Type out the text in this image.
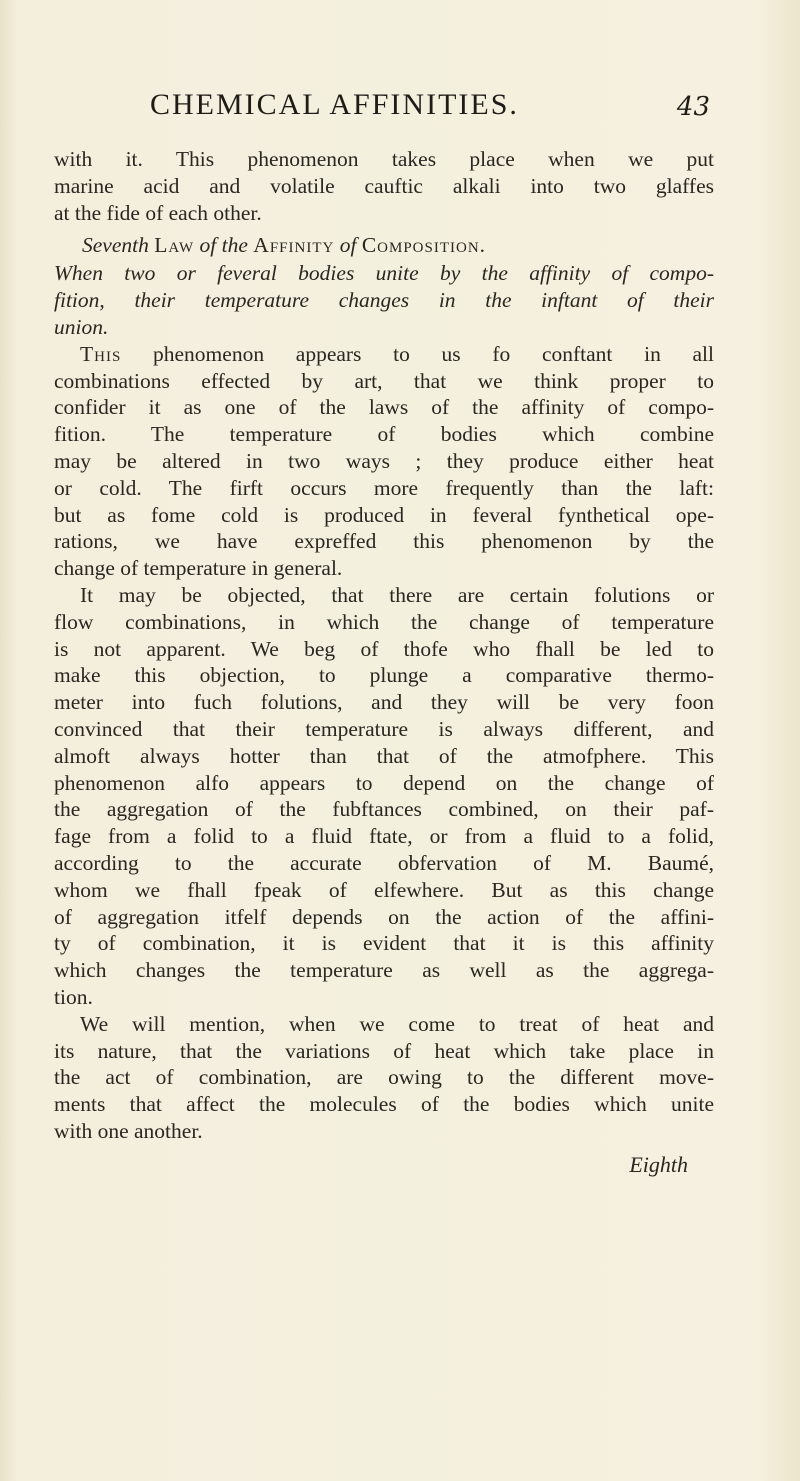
CHEMICAL AFFINITIES.	43
with it. This phenomenon takes place when we put
marine acid and volatile cauftic alkali into two glaffes
at the fide of each other.
Seventh Law of the Affinity of Composition.
When two or feveral bodies unite by the affinity of compo-
fition, their temperature changes in the inftant of their
union.
This phenomenon appears to us fo conftant in all
combinations effected by art, that we think proper to
confider it as one of the laws of the affinity of compo-
fition. The temperature of bodies which combine
may be altered in two ways ; they produce either heat
or cold. The firft occurs more frequently than the laft:
but as fome cold is produced in feveral fynthetical ope-
rations, we have expreffed this phenomenon by the
change of temperature in general.
It may be objected, that there are certain folutions or
flow combinations, in which the change of temperature
is not apparent. We beg of thofe who fhall be led to
make this objection, to plunge a comparative thermo-
meter into fuch folutions, and they will be very foon
convinced that their temperature is always different, and
almoft always hotter than that of the atmofphere. This
phenomenon alfo appears to depend on the change of
the aggregation of the fubftances combined, on their paf-
fage from a folid to a fluid ftate, or from a fluid to a folid,
according to the accurate obfervation of M. Baumé,
whom we fhall fpeak of elfewhere. But as this change
of aggregation itfelf depends on the action of the affini-
ty of combination, it is evident that it is this affinity
which changes the temperature as well as the aggrega-
tion.
We will mention, when we come to treat of heat and
its nature, that the variations of heat which take place in
the act of combination, are owing to the different move-
ments that affect the molecules of the bodies which unite
with one another.
Eighth
